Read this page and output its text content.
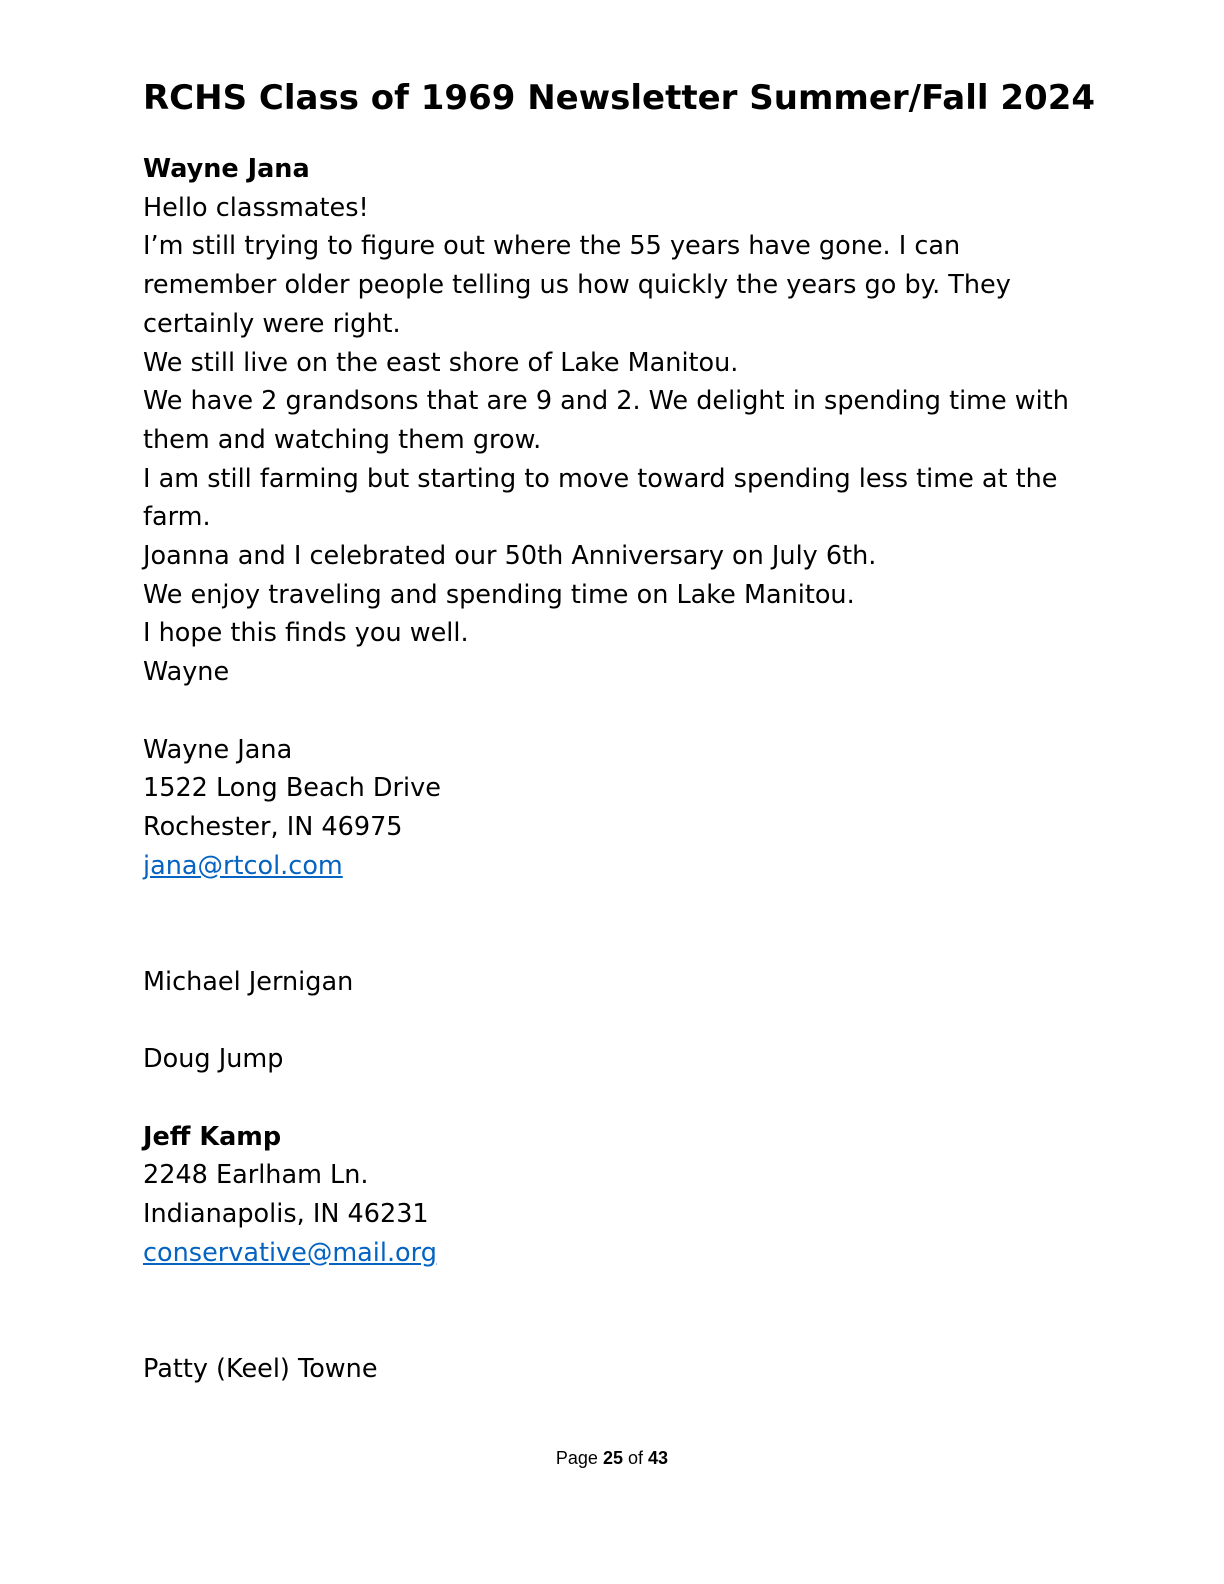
RCHS Class of 1969 Newsletter Summer/Fall 2024
Wayne Jana
Hello classmates!
I’m still trying to figure out where the 55 years have gone. I can
remember older people telling us how quickly the years go by. They
certainly were right.
We still live on the east shore of Lake Manitou.
We have 2 grandsons that are 9 and 2. We delight in spending time with
them and watching them grow.
I am still farming but starting to move toward spending less time at the
farm.
Joanna and I celebrated our 50th Anniversary on July 6th.
We enjoy traveling and spending time on Lake Manitou.
I hope this finds you well.
Wayne
Wayne Jana
1522 Long Beach Drive
Rochester, IN 46975
jana@rtcol.com
Michael Jernigan
Doug Jump
Jeff Kamp
2248 Earlham Ln.
Indianapolis, IN 46231
conservative@mail.org
Patty (Keel) Towne
Page 25 of 43
